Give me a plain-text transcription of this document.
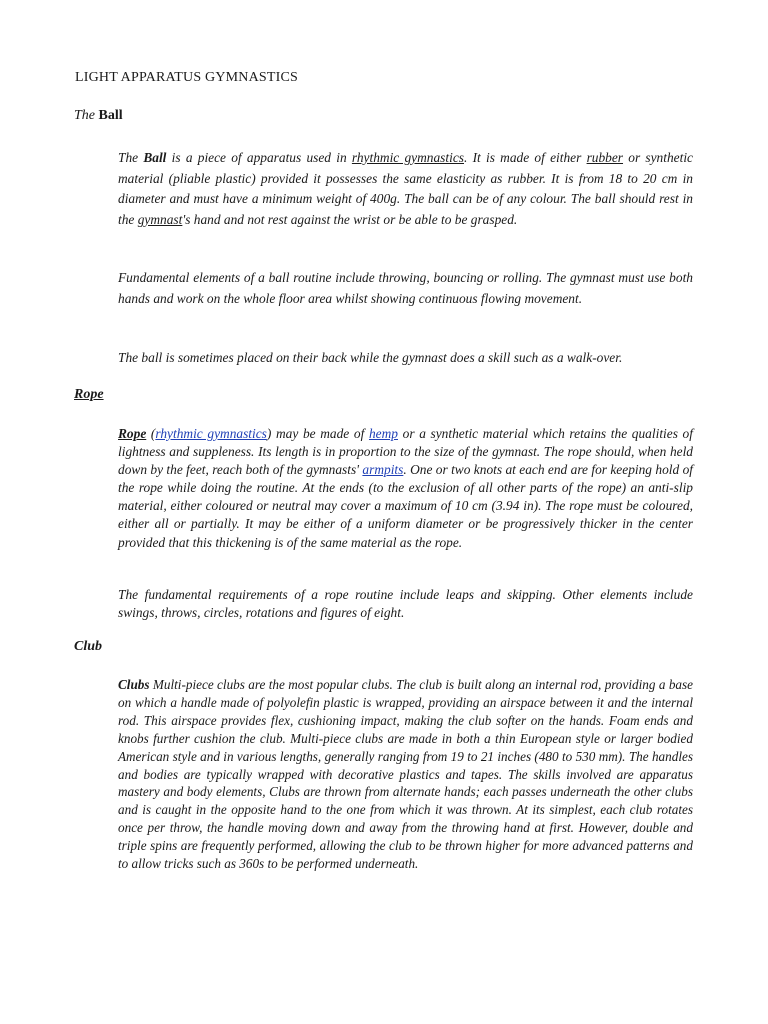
LIGHT APPARATUS GYMNASTICS
The Ball

The Ball is a piece of apparatus used in rhythmic gymnastics. It is made of either rubber or synthetic material (pliable plastic) provided it possesses the same elasticity as rubber. It is from 18 to 20 cm in diameter and must have a minimum weight of 400g. The ball can be of any colour. The ball should rest in the gymnast's hand and not rest against the wrist or be able to be grasped.

Fundamental elements of a ball routine include throwing, bouncing or rolling. The gymnast must use both hands and work on the whole floor area whilst showing continuous flowing movement.

The ball is sometimes placed on their back while the gymnast does a skill such as a walk-over.

Rope

Rope (rhythmic gymnastics) may be made of hemp or a synthetic material which retains the qualities of lightness and suppleness. Its length is in proportion to the size of the gymnast. The rope should, when held down by the feet, reach both of the gymnasts' armpits. One or two knots at each end are for keeping hold of the rope while doing the routine. At the ends (to the exclusion of all other parts of the rope) an anti-slip material, either coloured or neutral may cover a maximum of 10 cm (3.94 in). The rope must be coloured, either all or partially. It may be either of a uniform diameter or be progressively thicker in the center provided that this thickening is of the same material as the rope.

The fundamental requirements of a rope routine include leaps and skipping. Other elements include swings, throws, circles, rotations and figures of eight.

Club

Clubs Multi-piece clubs are the most popular clubs. The club is built along an internal rod, providing a base on which a handle made of polyolefin plastic is wrapped, providing an airspace between it and the internal rod. This airspace provides flex, cushioning impact, making the club softer on the hands. Foam ends and knobs further cushion the club. Multi-piece clubs are made in both a thin European style or larger bodied American style and in various lengths, generally ranging from 19 to 21 inches (480 to 530 mm). The handles and bodies are typically wrapped with decorative plastics and tapes. The skills involved are apparatus mastery and body elements, Clubs are thrown from alternate hands; each passes underneath the other clubs and is caught in the opposite hand to the one from which it was thrown. At its simplest, each club rotates once per throw, the handle moving down and away from the throwing hand at first. However, double and triple spins are frequently performed, allowing the club to be thrown higher for more advanced patterns and to allow tricks such as 360s to be performed underneath.
